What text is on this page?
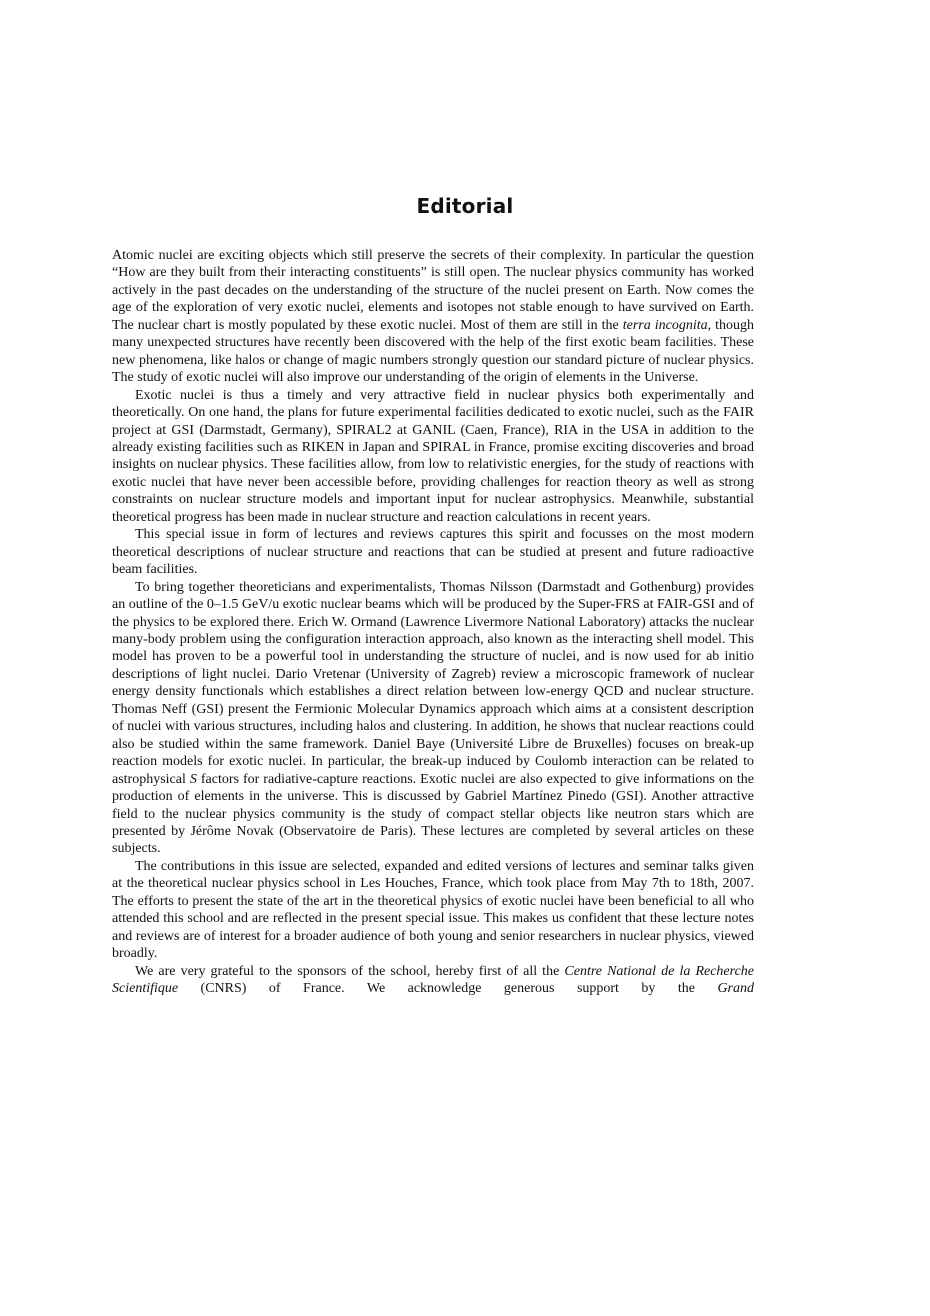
Editorial

Atomic nuclei are exciting objects which still preserve the secrets of their complexity. In particular the question “How are they built from their interacting constituents” is still open. The nuclear physics community has worked actively in the past decades on the understanding of the structure of the nuclei present on Earth. Now comes the age of the exploration of very exotic nuclei, elements and isotopes not stable enough to have survived on Earth. The nuclear chart is mostly populated by these exotic nuclei. Most of them are still in the terra incognita, though many unexpected structures have recently been discovered with the help of the first exotic beam facilities. These new phenomena, like halos or change of magic numbers strongly question our standard picture of nuclear physics. The study of exotic nuclei will also improve our understanding of the origin of elements in the Universe.

Exotic nuclei is thus a timely and very attractive field in nuclear physics both experimentally and theoretically. On one hand, the plans for future experimental facilities dedicated to exotic nuclei, such as the FAIR project at GSI (Darmstadt, Germany), SPIRAL2 at GANIL (Caen, France), RIA in the USA in addition to the already existing facilities such as RIKEN in Japan and SPIRAL in France, promise exciting discoveries and broad insights on nuclear physics. These facilities allow, from low to relativistic energies, for the study of reactions with exotic nuclei that have never been accessible before, providing challenges for reaction theory as well as strong constraints on nuclear structure models and important input for nuclear astrophysics. Meanwhile, substantial theoretical progress has been made in nuclear structure and reaction calculations in recent years.

This special issue in form of lectures and reviews captures this spirit and focusses on the most modern theoretical descriptions of nuclear structure and reactions that can be studied at present and future radioactive beam facilities.

To bring together theoreticians and experimentalists, Thomas Nilsson (Darmstadt and Gothenburg) provides an outline of the 0–1.5 GeV/u exotic nuclear beams which will be produced by the Super-FRS at FAIR-GSI and of the physics to be explored there. Erich W. Ormand (Lawrence Livermore National Laboratory) attacks the nuclear many-body problem using the configuration interaction approach, also known as the interacting shell model. This model has proven to be a powerful tool in understanding the structure of nuclei, and is now used for ab initio descriptions of light nuclei. Dario Vretenar (University of Zagreb) review a microscopic framework of nuclear energy density functionals which establishes a direct relation between low-energy QCD and nuclear structure. Thomas Neff (GSI) present the Fermionic Molecular Dynamics approach which aims at a consistent description of nuclei with various structures, including halos and clustering. In addition, he shows that nuclear reactions could also be studied within the same framework. Daniel Baye (Université Libre de Bruxelles) focuses on break-up reaction models for exotic nuclei. In particular, the break-up induced by Coulomb interaction can be related to astrophysical S factors for radiative-capture reactions. Exotic nuclei are also expected to give informations on the production of elements in the universe. This is discussed by Gabriel Martínez Pinedo (GSI). Another attractive field to the nuclear physics community is the study of compact stellar objects like neutron stars which are presented by Jérôme Novak (Observatoire de Paris). These lectures are completed by several articles on these subjects.

The contributions in this issue are selected, expanded and edited versions of lectures and seminar talks given at the theoretical nuclear physics school in Les Houches, France, which took place from May 7th to 18th, 2007. The efforts to present the state of the art in the theoretical physics of exotic nuclei have been beneficial to all who attended this school and are reflected in the present special issue. This makes us confident that these lecture notes and reviews are of interest for a broader audience of both young and senior researchers in nuclear physics, viewed broadly.

We are very grateful to the sponsors of the school, hereby first of all the Centre National de la Recherche Scientifique (CNRS) of France. We acknowledge generous support by the Grand
